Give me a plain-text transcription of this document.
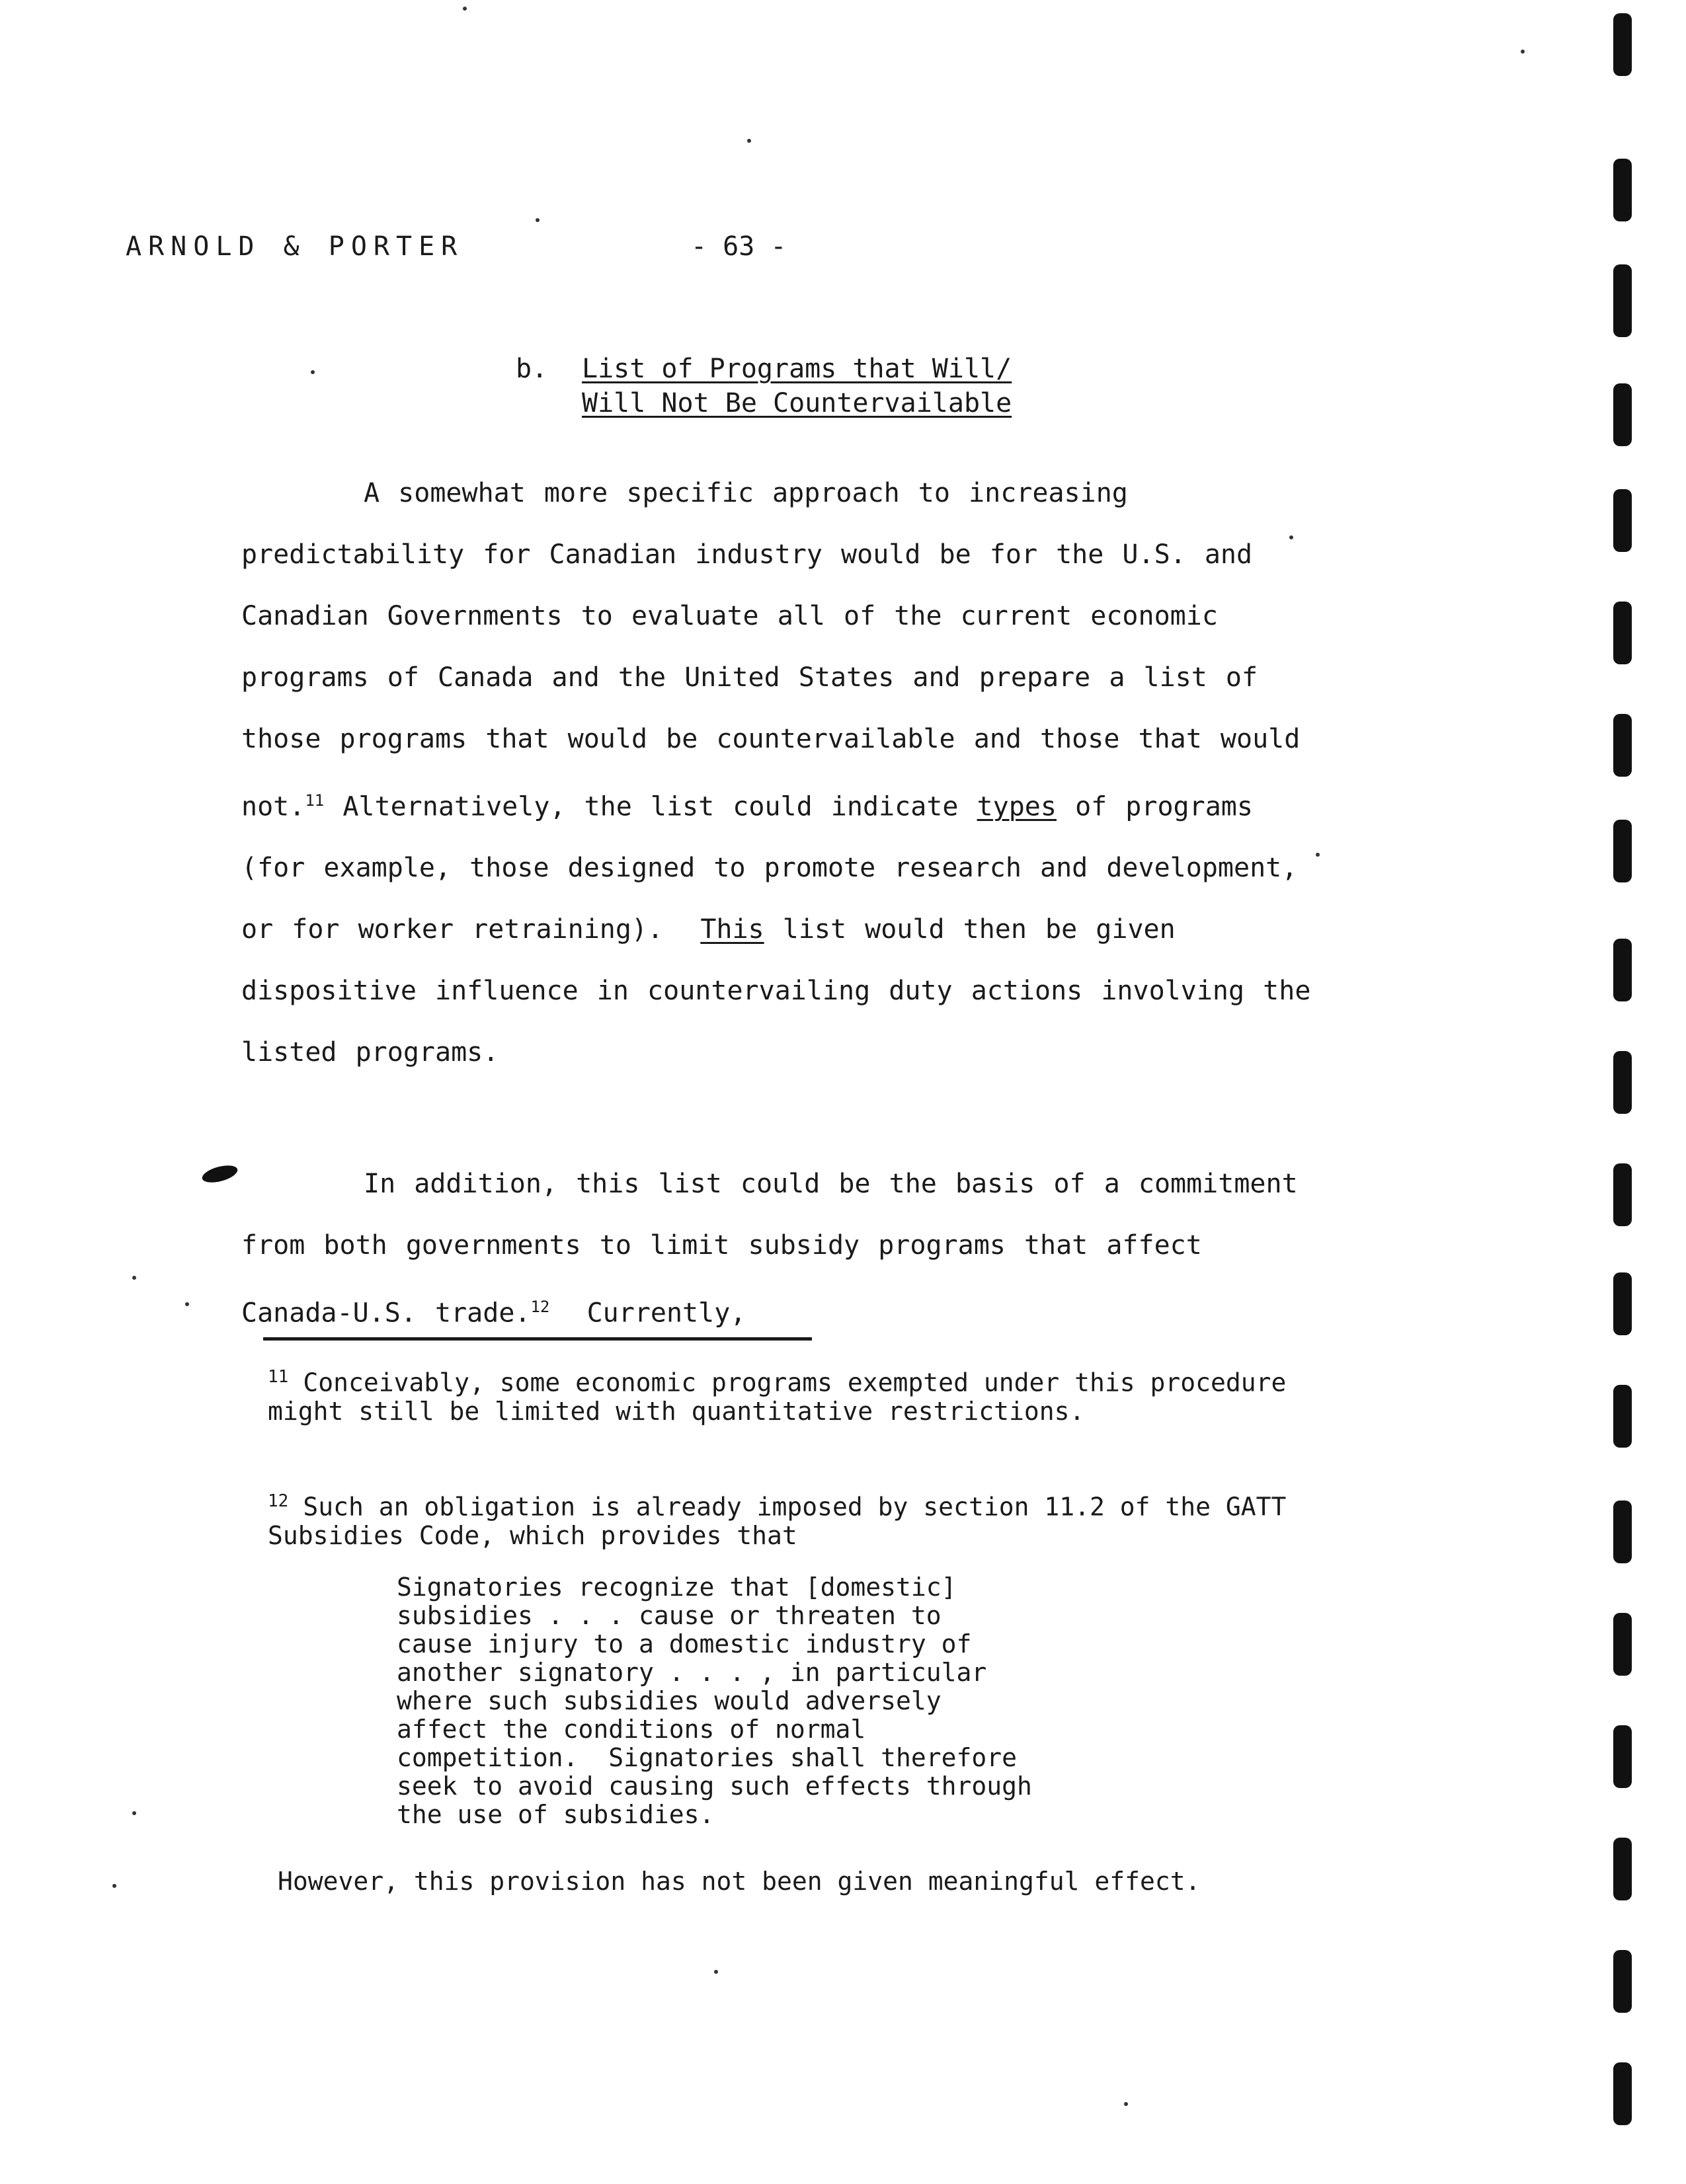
ARNOLD & PORTER	- 63 -
b. List of Programs that Will/
Will Not Be Countervailable
A somewhat more specific approach to increasing predictability for Canadian industry would be for the U.S. and Canadian Governments to evaluate all of the current economic programs of Canada and the United States and prepare a list of those programs that would be countervailable and those that would not.$^{11}$ Alternatively, the list could indicate types of programs (for example, those designed to promote research and development, or for worker retraining). This list would then be given dispositive influence in countervailing duty actions involving the listed programs.
In addition, this list could be the basis of a commitment from both governments to limit subsidy programs that affect Canada-U.S. trade.$^{12}$ Currently,
$^{11}$ Conceivably, some economic programs exempted under this procedure might still be limited with quantitative restrictions.
$^{12}$ Such an obligation is already imposed by section 11.2 of the GATT Subsidies Code, which provides that
Signatories recognize that [domestic]
subsidies . . . cause or threaten to
cause injury to a domestic industry of
another signatory . . . , in particular
where such subsidies would adversely
affect the conditions of normal
competition.  Signatories shall therefore
seek to avoid causing such effects through
the use of subsidies.
However, this provision has not been given meaningful effect.
